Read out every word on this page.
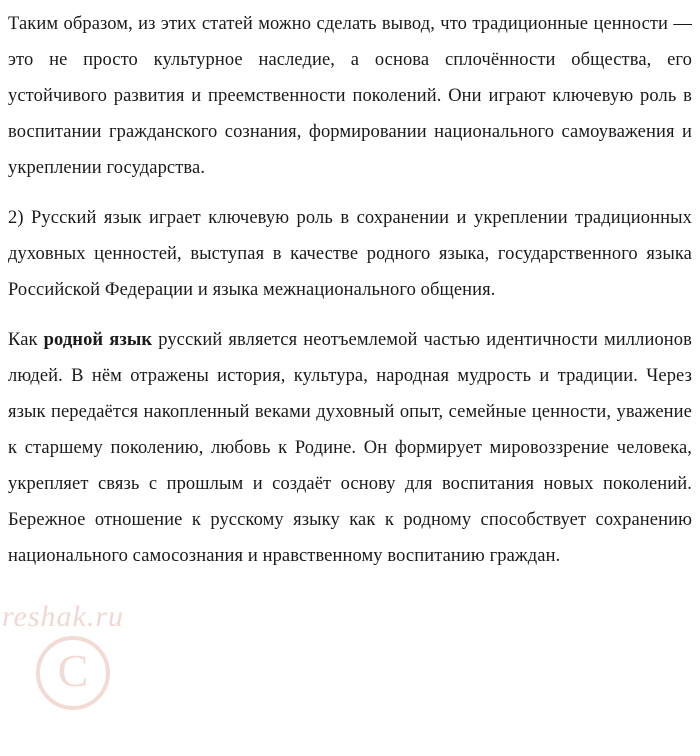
reshak.ru
C

Таким образом, из этих статей можно сделать вывод, что традиционные ценности — это не просто культурное наследие, а основа сплочённости общества, его устойчивого развития и преемственности поколений. Они играют ключевую роль в воспитании гражданского сознания, формировании национального самоуважения и укреплении государства.

2) Русский язык играет ключевую роль в сохранении и укреплении традиционных духовных ценностей, выступая в качестве родного языка, государственного языка Российской Федерации и языка межнационального общения.

Как родной язык русский является неотъемлемой частью идентичности миллионов людей. В нём отражены история, культура, народная мудрость и традиции. Через язык передаётся накопленный веками духовный опыт, семейные ценности, уважение к старшему поколению, любовь к Родине. Он формирует мировоззрение человека, укрепляет связь с прошлым и создаёт основу для воспитания новых поколений. Бережное отношение к русскому языку как к родному способствует сохранению национального самосознания и нравственному воспитанию граждан.
